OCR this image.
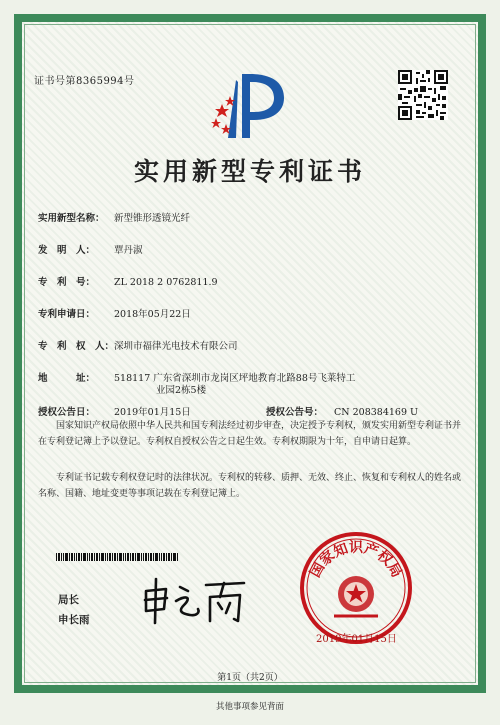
证书号第8365994号
实用新型专利证书
实用新型名称： 新型锥形透镜光纤
发　明　人： 覃丹淑
专　利　号： ZL 2018 2 0762811.9
专利申请日： 2018年05月22日
专　利　权　人：深圳市福律光电技术有限公司
地　　　址： 518117 广东省深圳市龙岗区坪地教育北路88号飞莱特工
业园2栋5楼
授权公告日： 2019年01月15日	授权公告号： CN 208384169 U
国家知识产权局依照中华人民共和国专利法经过初步审查，决定授予专利权，颁发实用新型专利证书并在专利登记簿上予以登记。专利权自授权公告之日起生效。专利权期限为十年，自申请日起算。
专利证书记载专利权登记时的法律状况。专利权的转移、质押、无效、终止、恢复和专利权人的姓名或名称、国籍、地址变更等事项记载在专利登记簿上。
局长
申长雨
国家知识产权局
2019年01月15日
第1页（共2页）
其他事项参见背面
